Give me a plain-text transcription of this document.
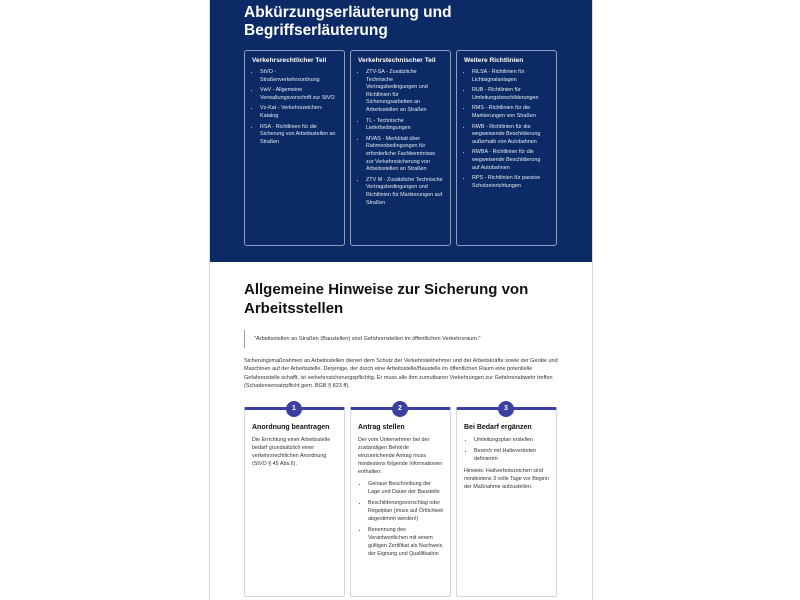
Abkürzungserläuterung und Begriffserläuterung
Verkehrsrechtlicher Teil
• StVO - Straßenverkehrsordnung
• VwV - Allgemeine Verwaltungsvorschrift zur StVO
• Vz-Kat - Verkehrszeichen-Katalog
• RSA - Richtlinien für die Sicherung von Arbeitsstellen an Straßen
Verkehrstechnischer Teil
• ZTV-SA - Zusätzliche Technische Vertragsbedingungen und Richtlinien für Sicherungsarbeiten an Arbeitsstellen an Straßen
• TL - Technische Lieferbedingungen
• MVAS - Merkblatt über Rahmenbedingungen für erforderliche Fachkenntnisse zur Verkehrssicherung von Arbeitsstellen an Straßen
• ZTV M - Zusätzliche Technische Vertragsbedingungen und Richtlinien für Markierungen auf Straßen
Weitere Richtlinien
• RiLSA - Richtlinien für Lichtsignalanlagen
• RUB - Richtlinien für Umleitungsbeschilderungen
• RMS - Richtlinien für die Markierungen von Straßen
• RWB - Richtlinien für die wegweisende Beschilderung außerhalb von Autobahnen
• RWBA - Richtlinien für die wegweisende Beschilderung auf Autobahnen
• RPS - Richtlinien für passive Schutzeinrichtungen
Allgemeine Hinweise zur Sicherung von Arbeitsstellen
"Arbeitsstellen an Straßen (Baustellen) sind Gefahrenstellen im öffentlichen Verkehrsraum."

Sicherungsmaßnahmen an Arbeitsstellen dienen dem Schutz der Verkehrsteilnehmer und der Arbeitskräfte sowie der Geräte und Maschinen auf der Arbeitsstelle. Derjenige, der durch eine Arbeitsstelle/Baustelle im öffentlichen Raum eine potentielle Gefahrenstelle schafft, ist verkehrssicherungspflichtig. Er muss alle ihm zumutbaren Vorkehrungen zur Gefahrenabwehr treffen (Schadensersatzpflicht gem. BGB § 823 ff).

1
Anordnung beantragen

Die Errichtung einer Arbeitsstelle bedarf grundsätzlich einer verkehrsrechtlichen Anordnung (StVO § 45 Abs.6).

2
Antrag stellen

Der vom Unternehmer bei der zuständigen Behörde einzureichende Antrag muss mindestens folgende Informationen enthalten:

• Genaue Beschreibung der Lage und Dauer der Baustelle
• Beschilderungsvorschlag oder Regelplan (muss auf Örtlichkeit abgestimmt werden!)
• Benennung des Verantwortlichen mit einem gültigen Zertifikat als Nachweis der Eignung und Qualifikation
3
Bei Bedarf ergänzen
• Umleitungsplan erstellen
• Bereich mit Halteverboten definieren

Hinweis: Haltverbotszeichen sind mindestens 3 volle Tage vor Beginn der Maßnahme aufzustellen.
